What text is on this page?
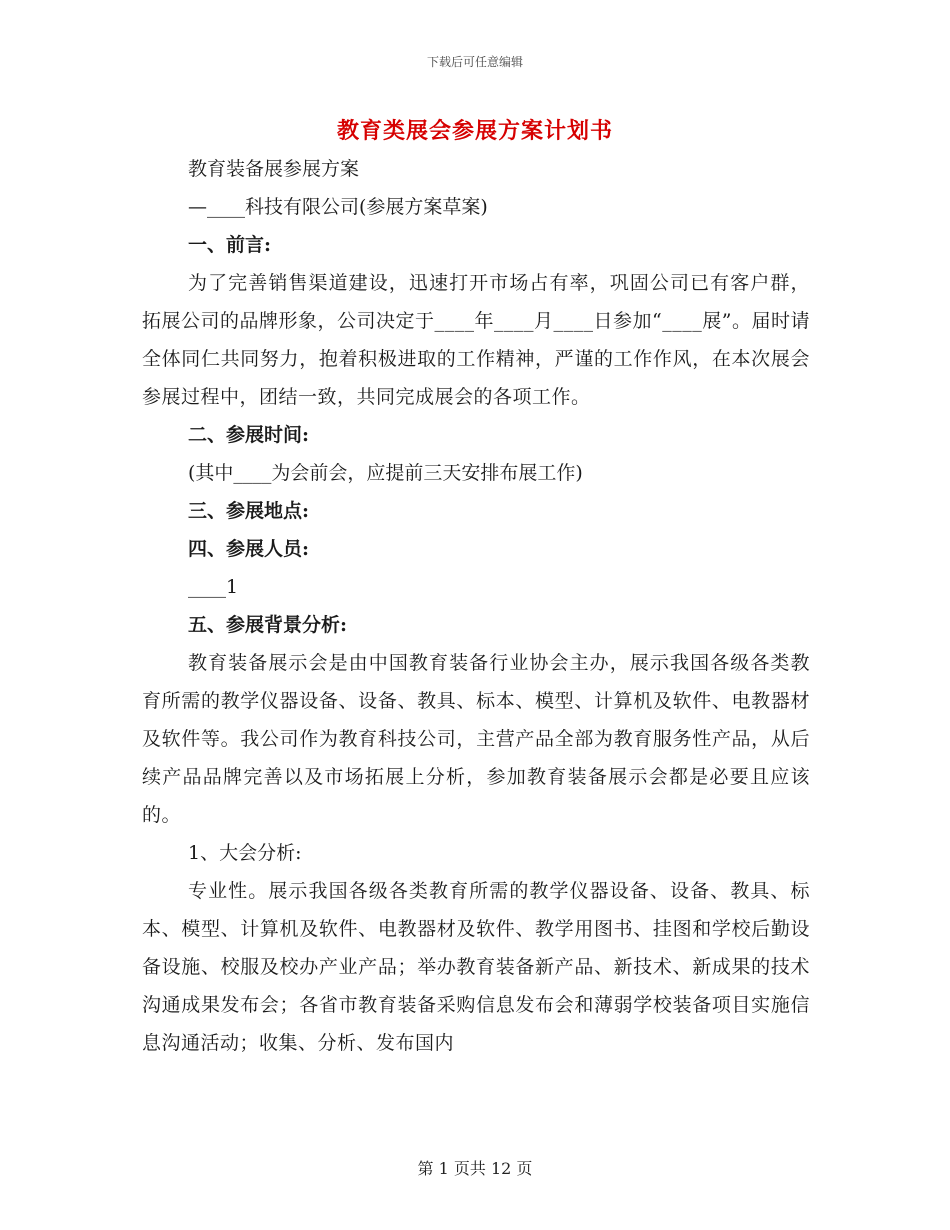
下载后可任意编辑
教育类展会参展方案计划书
教育装备展参展方案
—____科技有限公司(参展方案草案)
一、前言:
为了完善销售渠道建设，迅速打开市场占有率，巩固公司已有客户群，拓展公司的品牌形象，公司决定于____年____月____日参加“____展”。届时请全体同仁共同努力，抱着积极进取的工作精神，严谨的工作作风，在本次展会参展过程中，团结一致，共同完成展会的各项工作。
二、参展时间:
(其中____为会前会，应提前三天安排布展工作)
三、参展地点:
四、参展人员:
____1
五、参展背景分析:
教育装备展示会是由中国教育装备行业协会主办，展示我国各级各类教育所需的教学仪器设备、设备、教具、标本、模型、计算机及软件、电教器材及软件等。我公司作为教育科技公司，主营产品全部为教育服务性产品，从后续产品品牌完善以及市场拓展上分析，参加教育装备展示会都是必要且应该的。
1、大会分析:
专业性。展示我国各级各类教育所需的教学仪器设备、设备、教具、标本、模型、计算机及软件、电教器材及软件、教学用图书、挂图和学校后勤设备设施、校服及校办产业产品；举办教育装备新产品、新技术、新成果的技术沟通成果发布会；各省市教育装备采购信息发布会和薄弱学校装备项目实施信息沟通活动；收集、分析、发布国内
第 1 页共 12 页
